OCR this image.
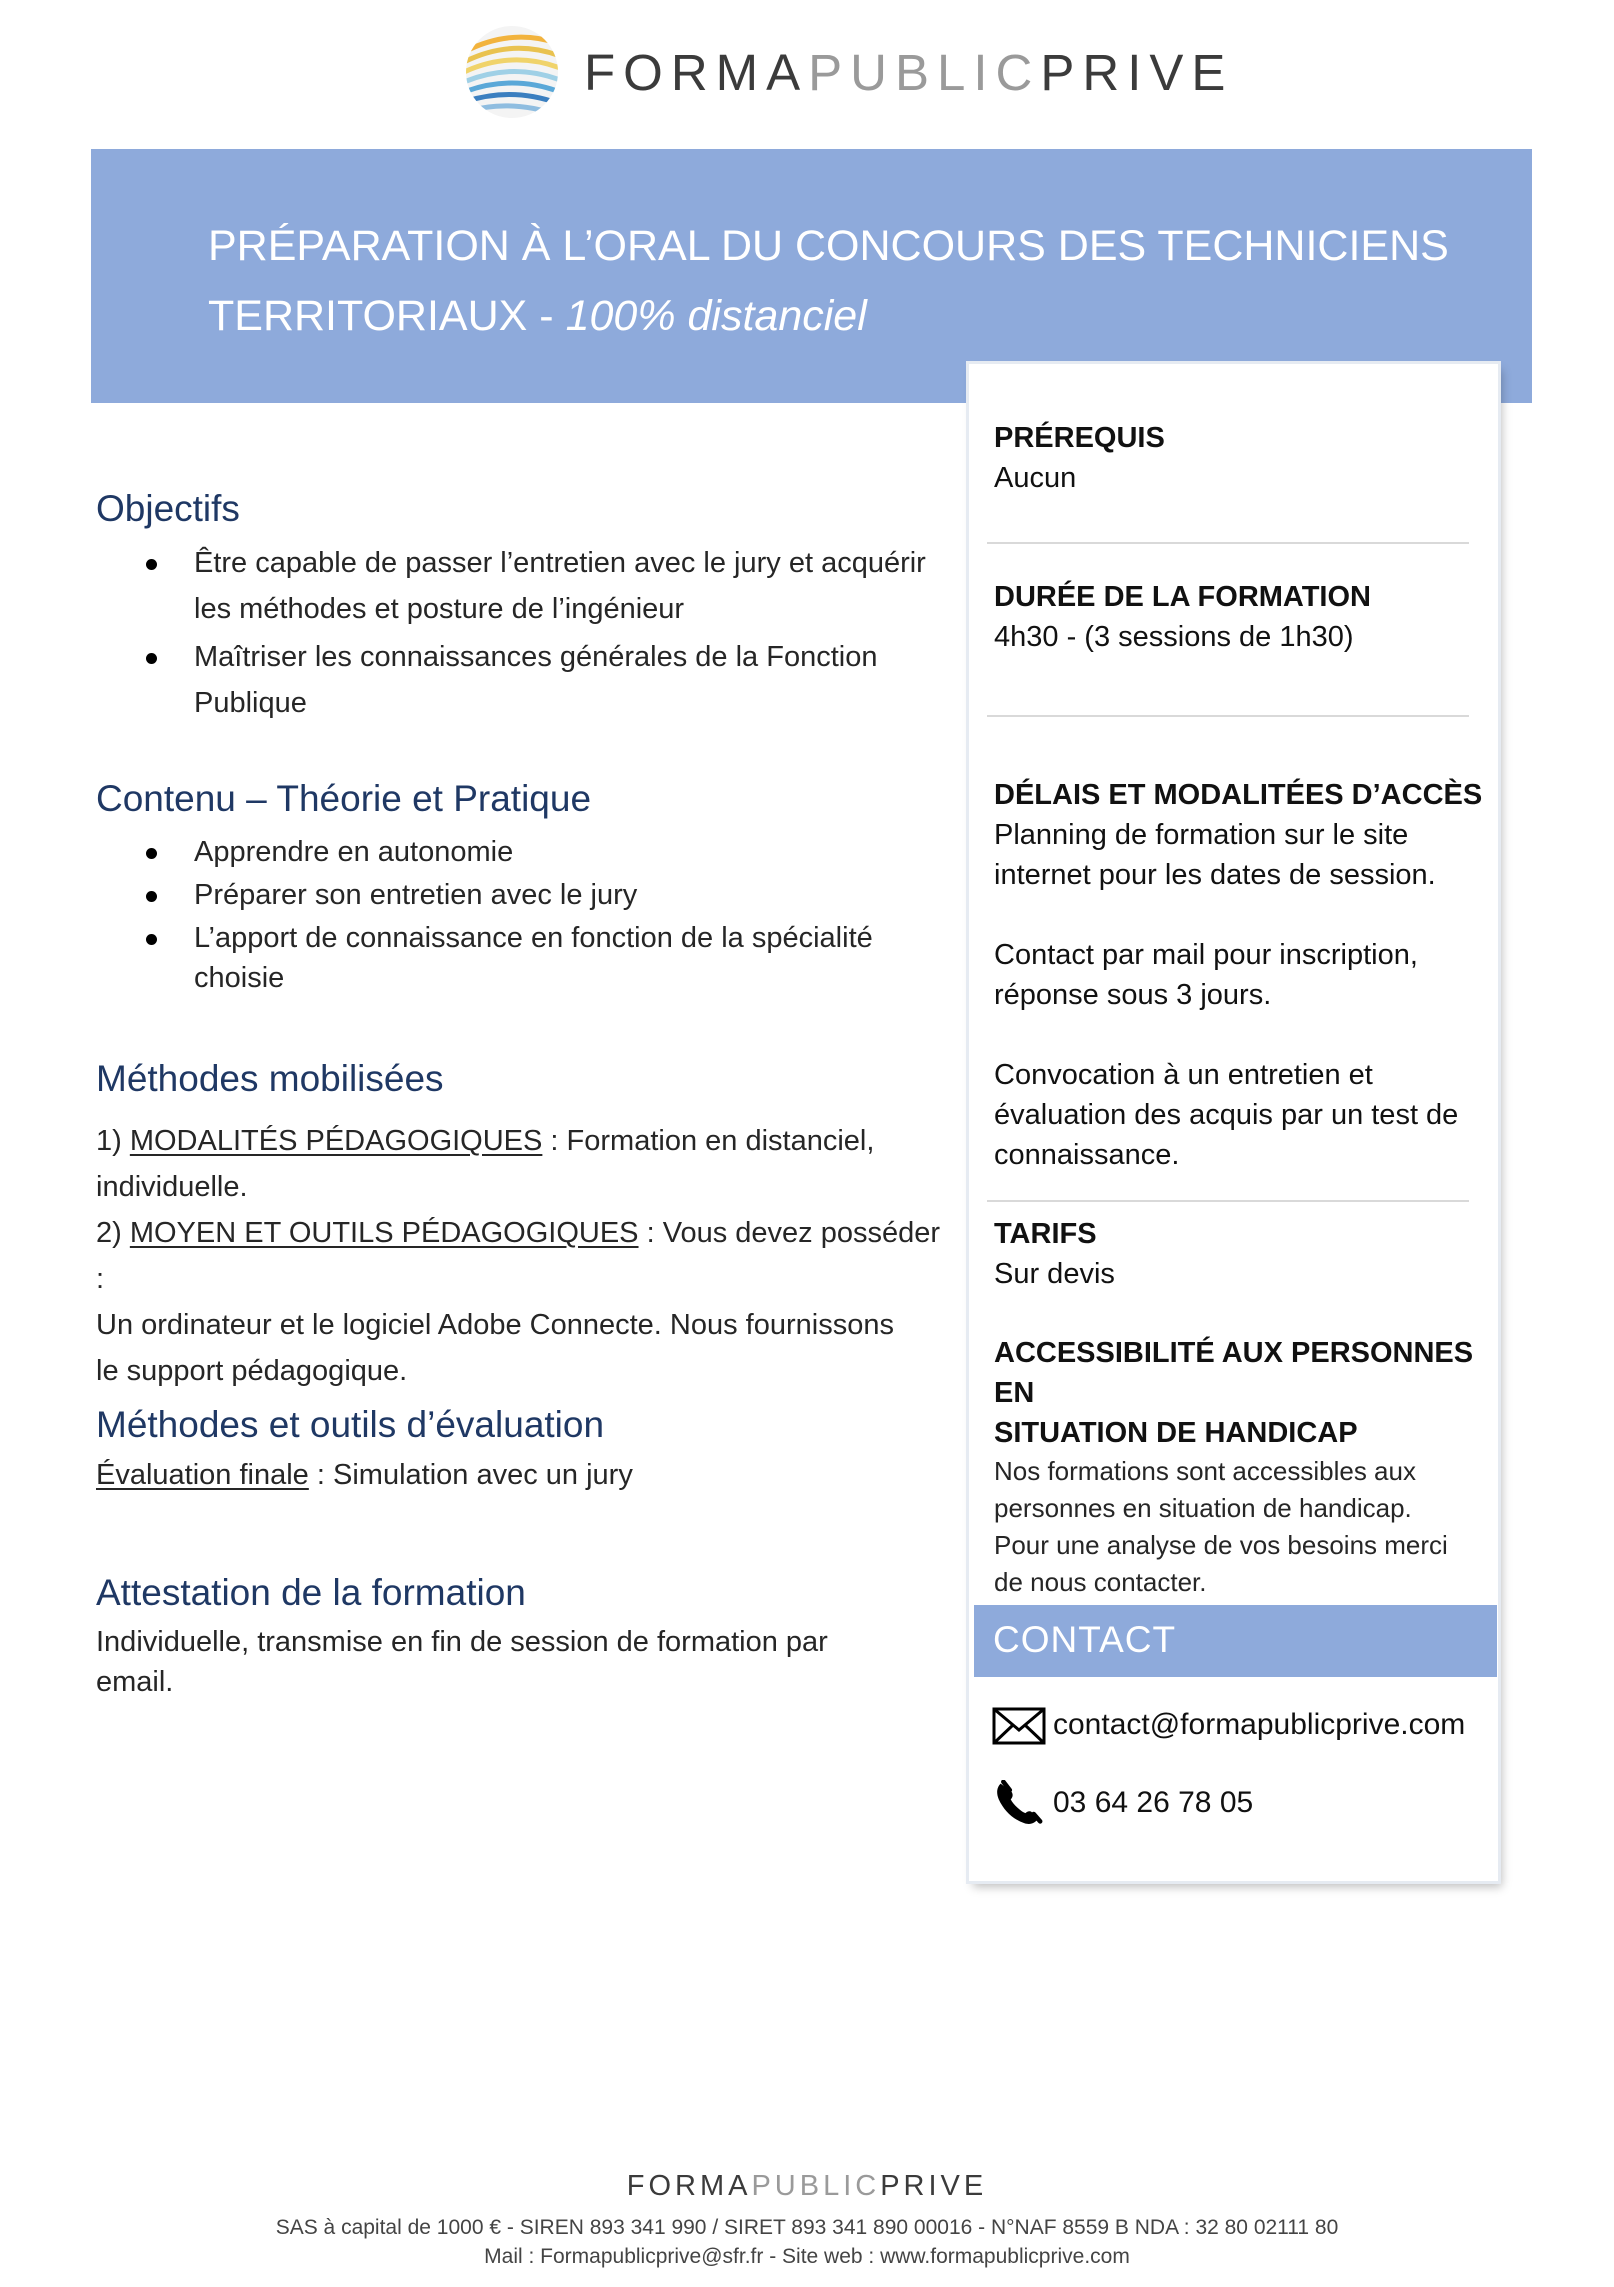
FORMAPUBLICPRIVE
PRÉPARATION À L’ORAL DU CONCOURS DES TECHNICIENS
TERRITORIAUX - 100% distanciel
Objectifs
Être capable de passer l’entretien avec le jury et acquérir
les méthodes et posture de l’ingénieur
Maîtriser les connaissances générales de la Fonction
Publique
Contenu – Théorie et Pratique
Apprendre en autonomie
Préparer son entretien avec le jury
L’apport de connaissance en fonction de la spécialité
choisie
Méthodes mobilisées
1) MODALITÉS PÉDAGOGIQUES : Formation en distanciel,
individuelle.
2) MOYEN ET OUTILS PÉDAGOGIQUES : Vous devez posséder :
Un ordinateur et le logiciel Adobe Connecte. Nous fournissons
le support pédagogique.
Méthodes et outils d’évaluation
Évaluation finale : Simulation avec un jury
Attestation de la formation
Individuelle, transmise en fin de session de formation par
email.
PRÉREQUIS
Aucun
DURÉE DE LA FORMATION
4h30 - (3 sessions de 1h30)
DÉLAIS ET MODALITÉES D’ACCÈS
Planning de formation sur le site
internet pour les dates de session.
Contact par mail pour inscription,
réponse sous 3 jours.
Convocation à un entretien et
évaluation des acquis par un test de
connaissance.
TARIFS
Sur devis
ACCESSIBILITÉ AUX PERSONNES EN
SITUATION DE HANDICAP
Nos formations sont accessibles aux
personnes en situation de handicap.
Pour une analyse de vos besoins merci
de nous contacter.
CONTACT
contact@formapublicprive.com
03 64 26 78 05
FORMAPUBLICPRIVE
SAS à capital de 1000 € - SIREN 893 341 990 / SIRET 893 341 890 00016 - N°NAF 8559 B NDA : 32 80 02111 80
Mail : Formapublicprive@sfr.fr - Site web : www.formapublicprive.com
